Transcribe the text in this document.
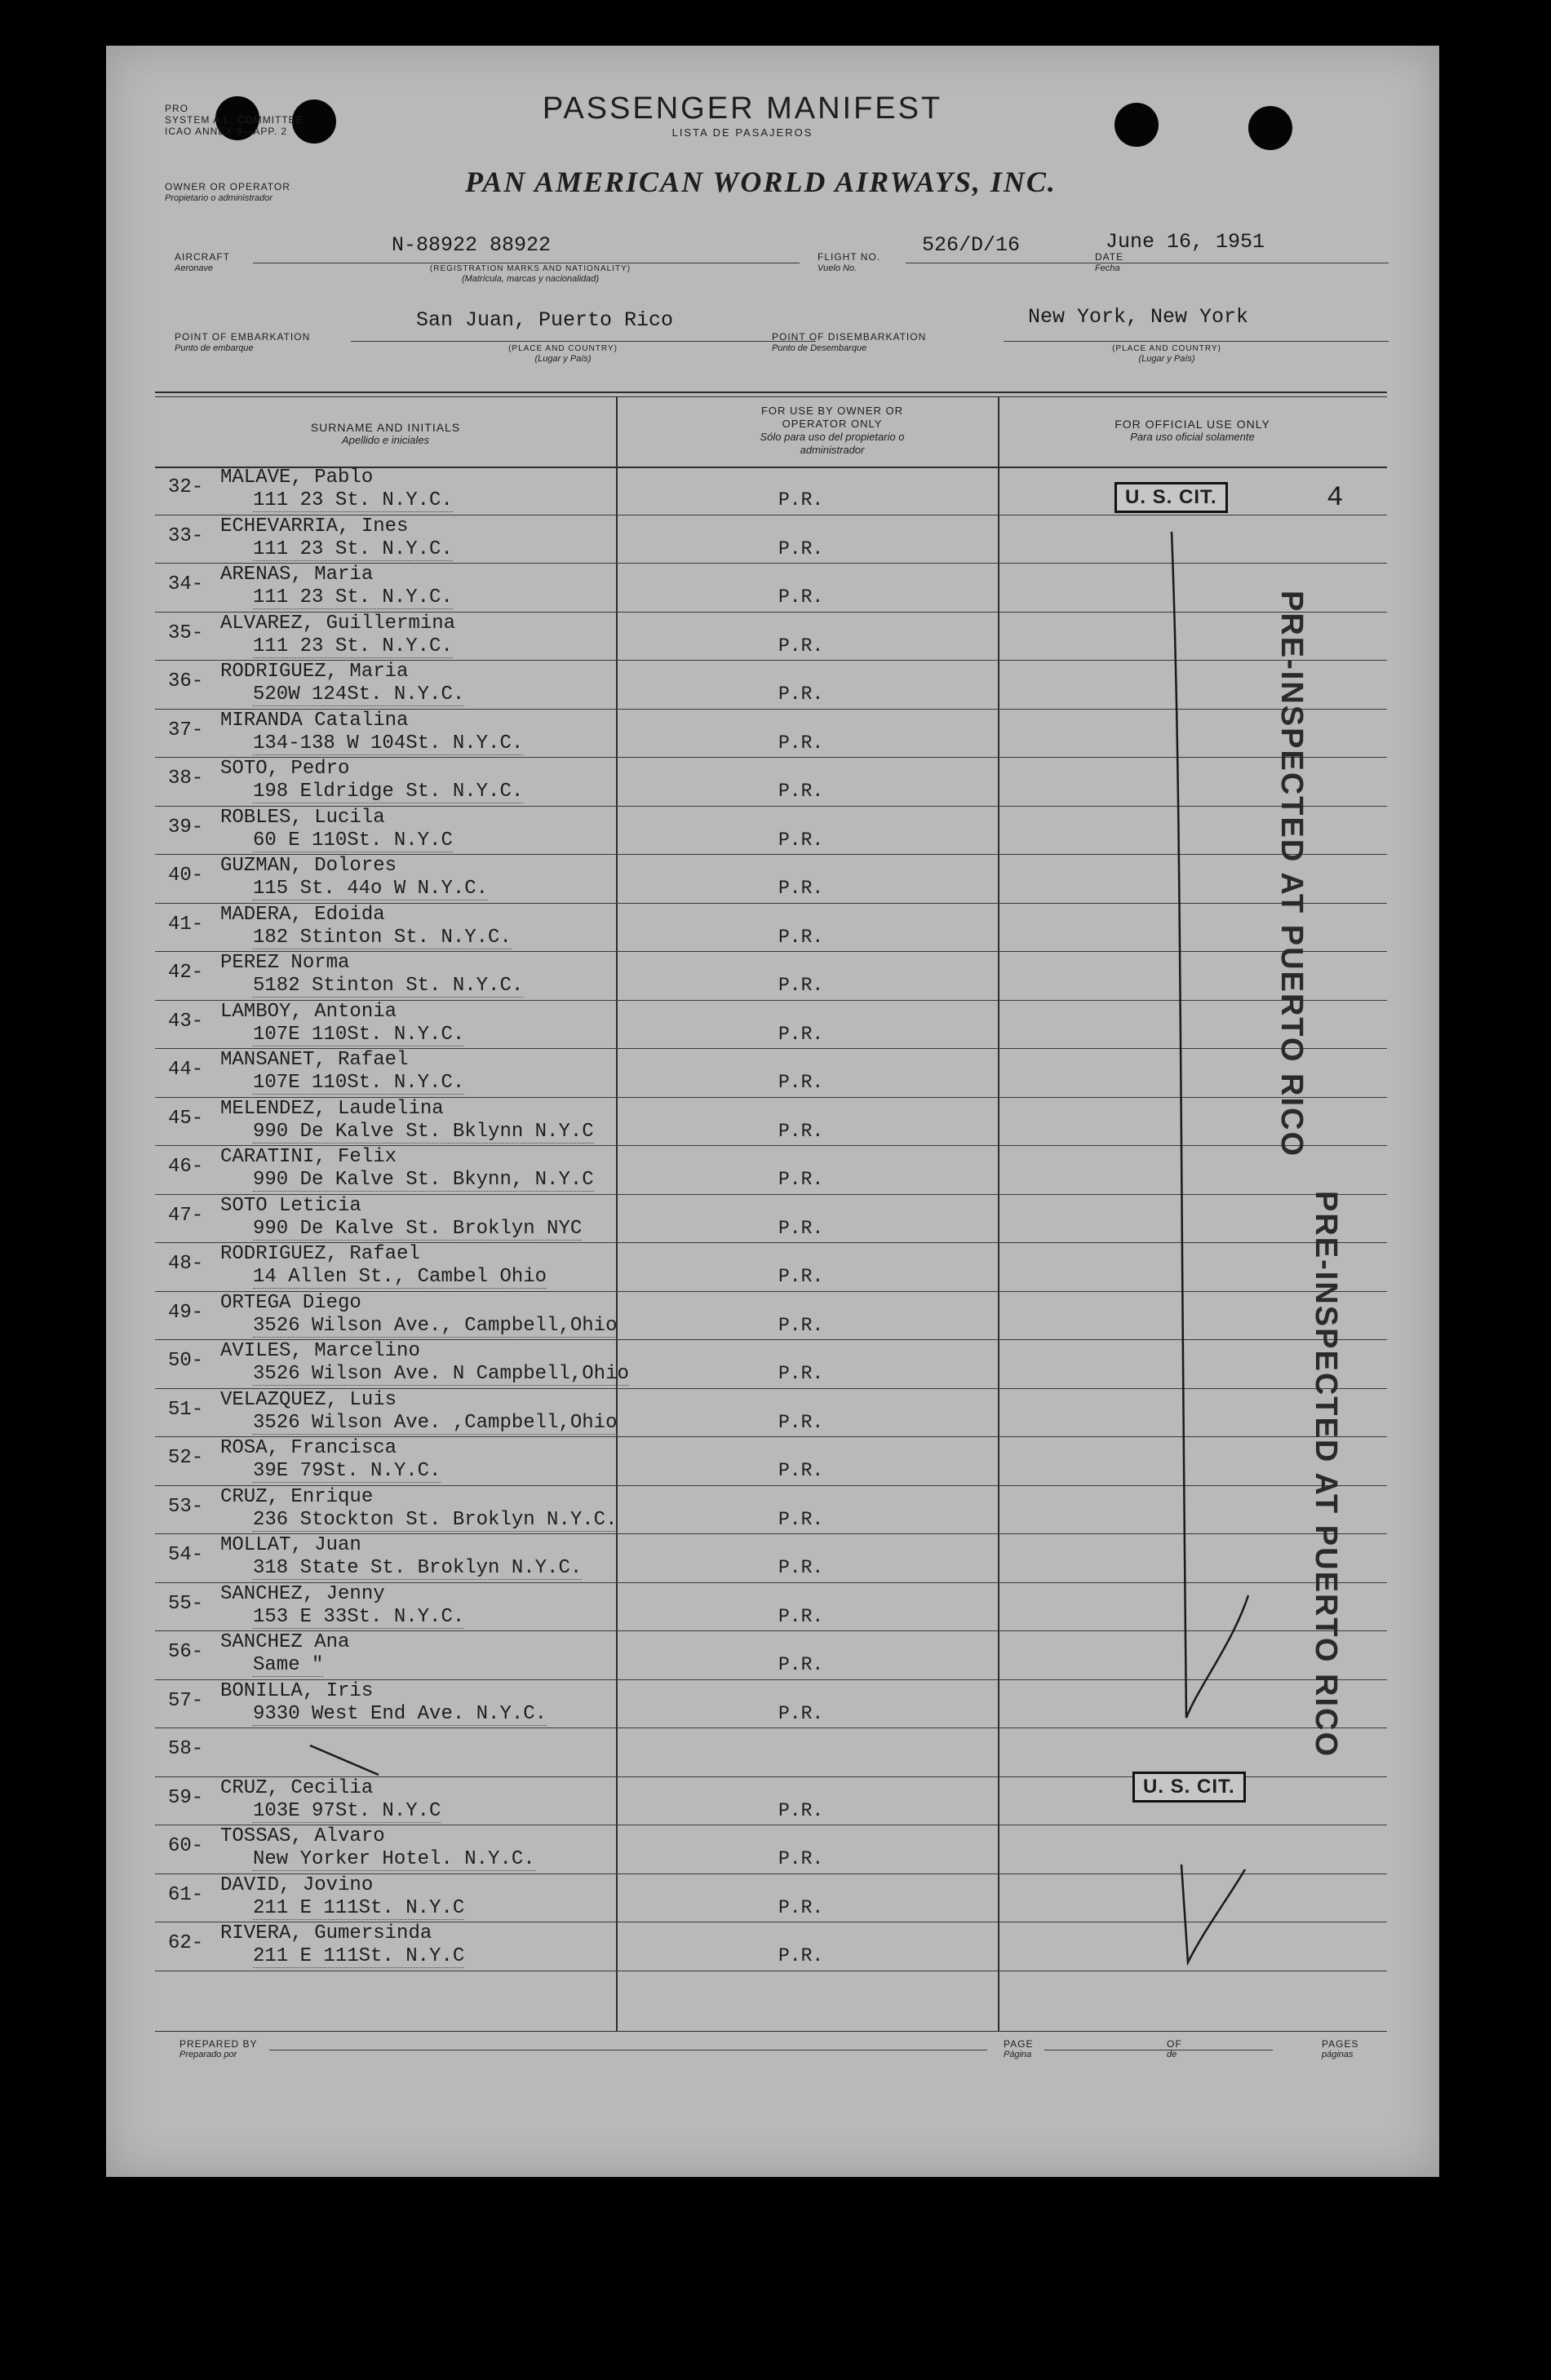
PRO
SYSTEM A.L. COMMITTEE
ICAO ANNEX 9—APP. 2
PASSENGER MANIFEST
LISTA DE PASAJEROS
OWNER OR OPERATOR
Propietario o administrador	PAN AMERICAN WORLD AIRWAYS, INC.
AIRCRAFT
Aeronave
N-88922 88922
(REGISTRATION MARKS AND NATIONALITY)
(Matrícula, marcas y nacionalidad)
FLIGHT NO.
Vuelo No.
526/D/16	DATE
Fecha
June 16, 1951
POINT OF EMBARKATION
Punto de embarque
San Juan, Puerto Rico
(PLACE AND COUNTRY)
(Lugar y País)
POINT OF DISEMBARKATION
Punto de Desembarque
New York, New York
(PLACE AND COUNTRY)
(Lugar y País)
SURNAME AND INITIALS
Apellido e iniciales
FOR USE BY OWNER OR OPERATOR ONLY
Sólo para uso del propietario o administrador
FOR OFFICIAL USE ONLY
Para uso oficial solamente
32- MALAVE, Pablo
111 23 St. N.Y.C.	P.R.
33- ECHEVARRIA, Ines
111 23 St. N.Y.C.	P.R.
34- ARENAS, Maria
111 23 St. N.Y.C.	P.R.
35- ALVAREZ, Guillermina
111 23 St. N.Y.C.	P.R.
36- RODRIGUEZ, Maria
520W 124St. N.Y.C.	P.R.
37- MIRANDA Catalina
134-138 W 104St. N.Y.C.	P.R.
38- SOTO, Pedro
198 Eldridge St. N.Y.C.	P.R.
39- ROBLES, Lucila
60 E 110St. N.Y.C	P.R.
40- GUZMAN, Dolores
115 St. 44o W N.Y.C.	P.R.
41- MADERA, Edoida
182 Stinton St. N.Y.C.	P.R.
42- PEREZ Norma
5182 Stinton St. N.Y.C.	P.R.
43- LAMBOY, Antonia
107E 110St. N.Y.C.	P.R.
44- MANSANET, Rafael
107E 110St. N.Y.C.	P.R.
45- MELENDEZ, Laudelina
990 De Kalve St. Bklynn N.Y.C	P.R.
46- CARATINI, Felix
990 De Kalve St. Bkynn, N.Y.C	P.R.
47- SOTO Leticia
990 De Kalve St. Broklyn NYC	P.R.
48- RODRIGUEZ, Rafael
14 Allen St., Cambel Ohio	P.R.
49- ORTEGA Diego
3526 Wilson Ave., Campbell,Ohio	P.R.
50- AVILES, Marcelino
3526 Wilson Ave. N Campbell,Ohio	P.R.
51- VELAZQUEZ, Luis
3526 Wilson Ave. ,Campbell,Ohio	P.R.
52- ROSA, Francisca
39E 79St. N.Y.C.	P.R.
53- CRUZ, Enrique
236 Stockton St. Broklyn N.Y.C.	P.R.
54- MOLLAT, Juan
318 State St. Broklyn N.Y.C.	P.R.
55- SANCHEZ, Jenny
153 E 33St. N.Y.C.	P.R.
56- SANCHEZ Ana
Same "	P.R.
57- BONILLA, Iris
9330 West End Ave. N.Y.C.	P.R.
58-
59- CRUZ, Cecilia
103E 97St. N.Y.C	P.R.
60- TOSSAS, Alvaro
New Yorker Hotel. N.Y.C.	P.R.
61- DAVID, Jovino
211 E 111St. N.Y.C	P.R.
62- RIVERA, Gumersinda
211 E 111St. N.Y.C	P.R.
U. S. CIT.	4
U. S. CIT.
PRE-INSPECTED AT PUERTO RICO
PRE-INSPECTED AT PUERTO RICO
PREPARED BY
Preparado por
PAGE
Página
OF
de
PAGES
páginas
